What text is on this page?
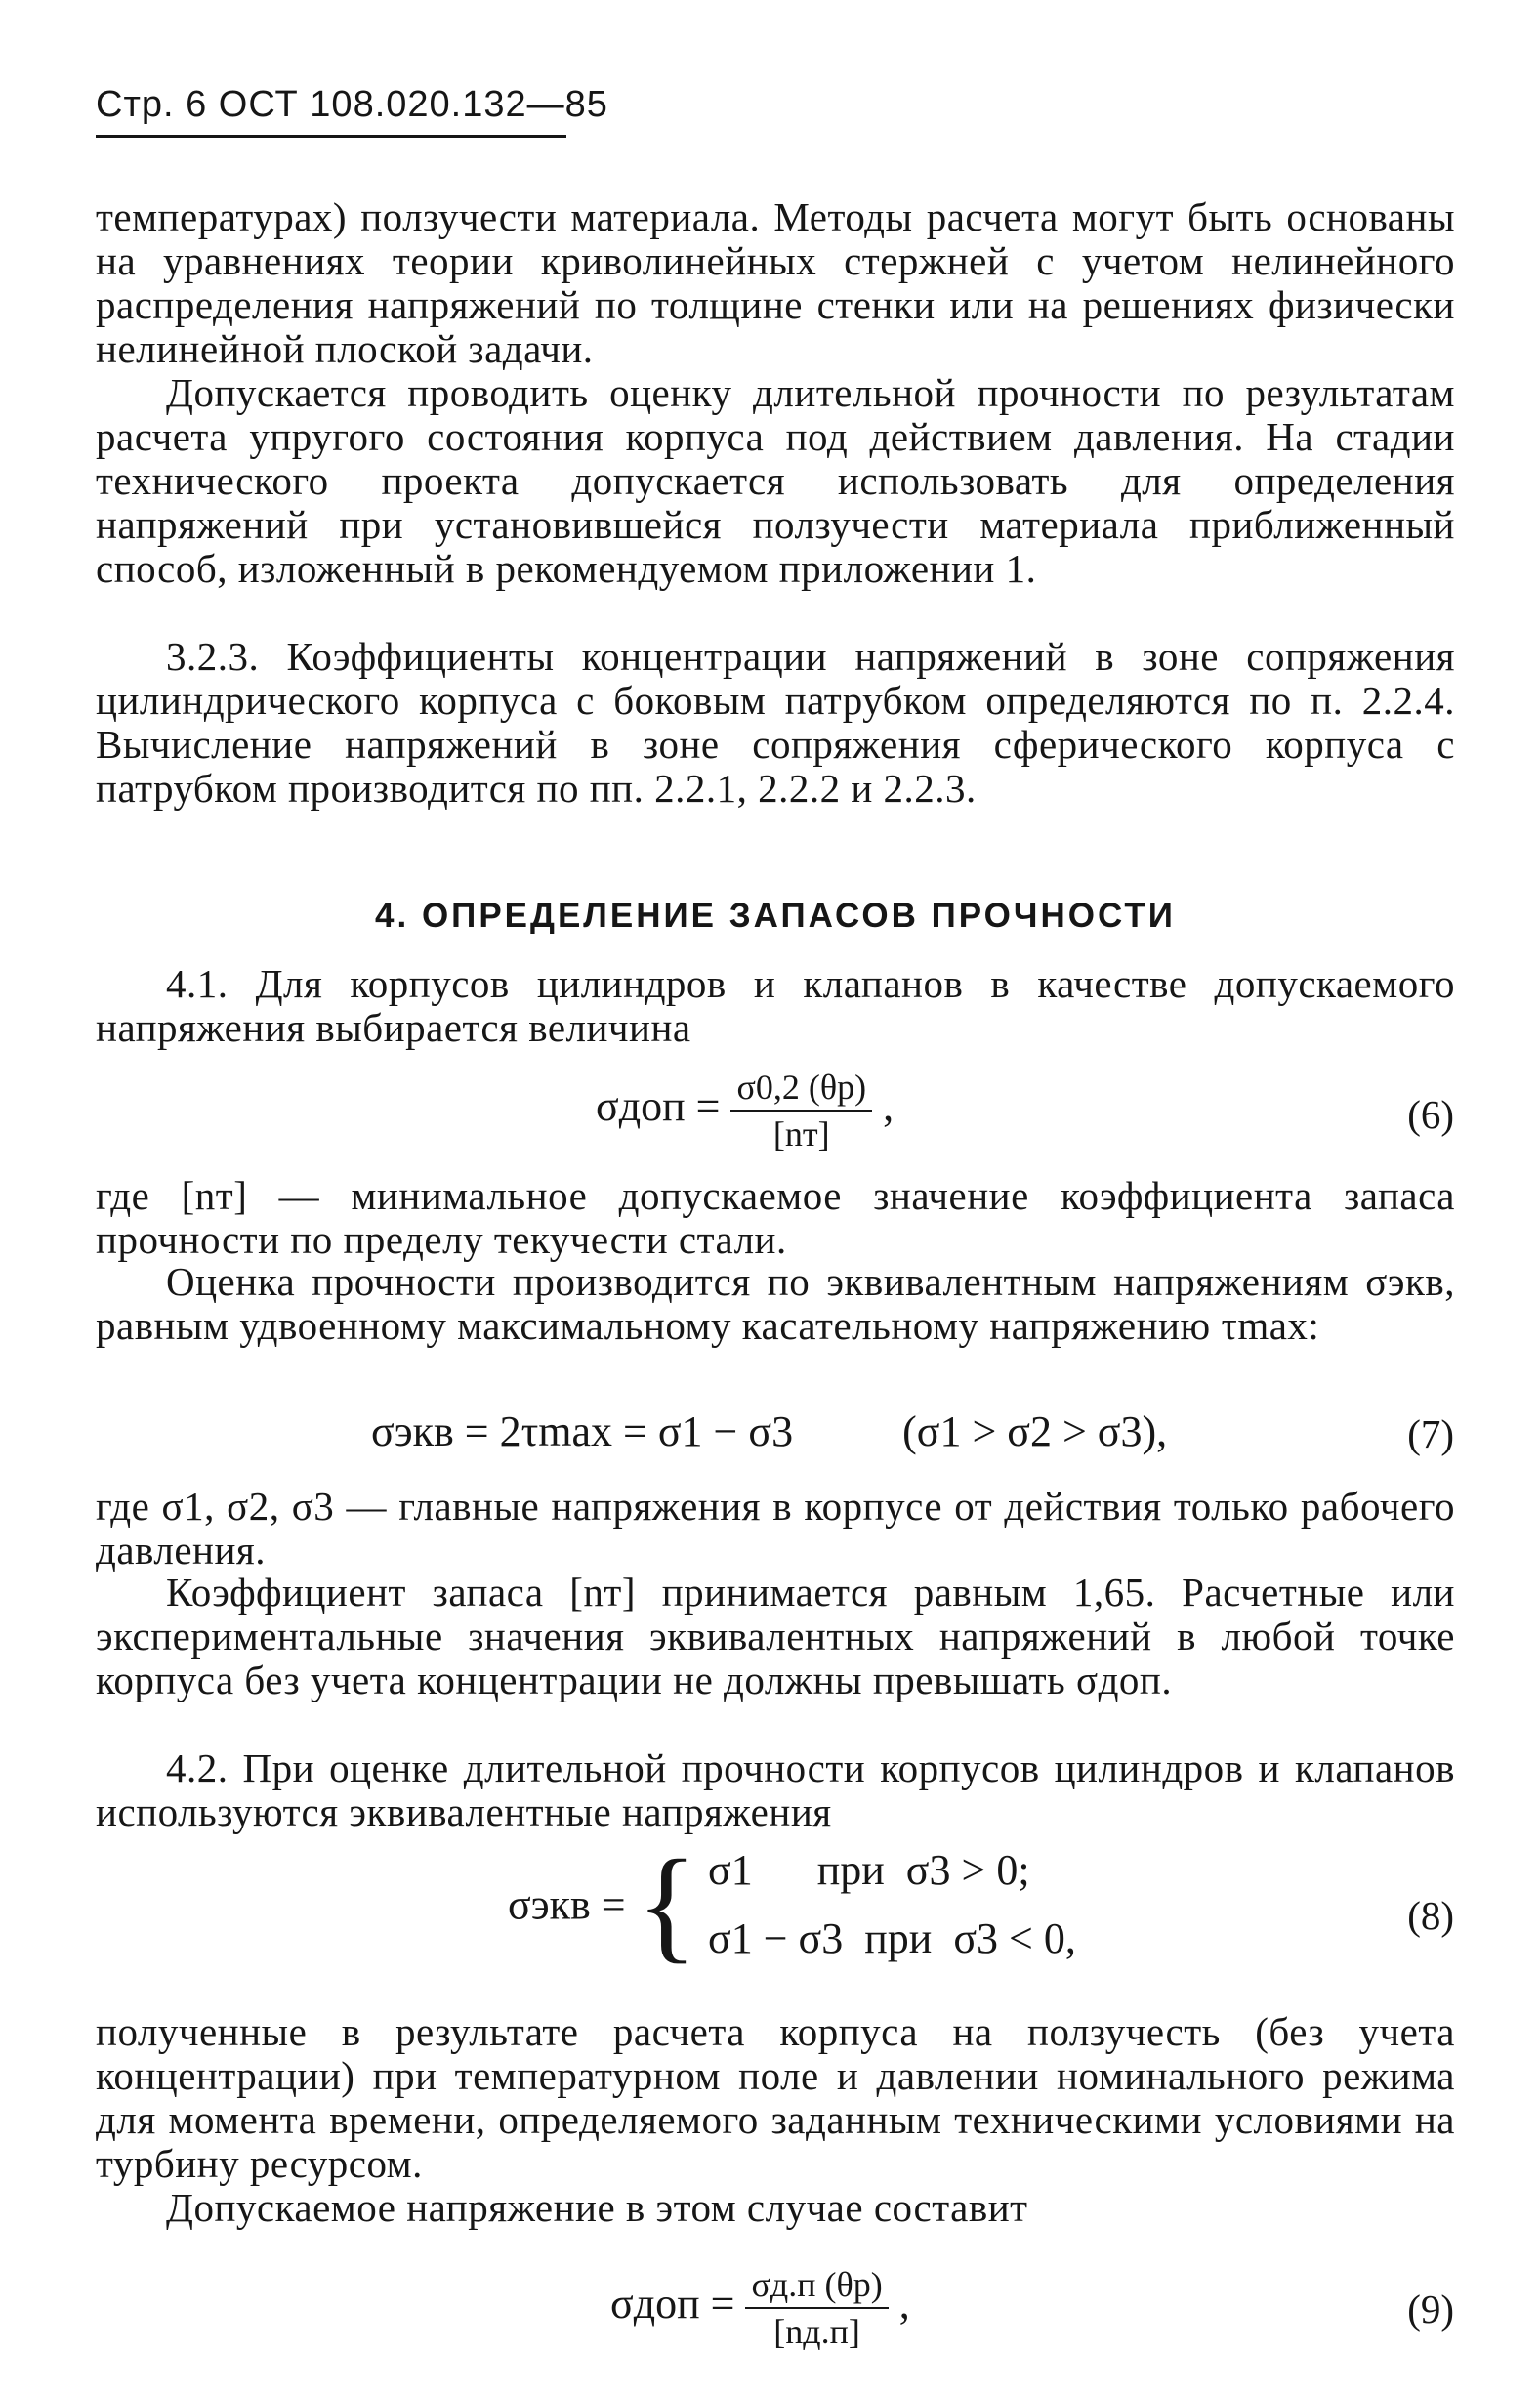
Стр. 6 ОСТ 108.020.132—85
температурах) ползучести материала. Методы расчета могут быть основаны на уравнениях теории криволинейных стержней с учетом нелинейного распределения напряжений по толщине стенки или на решениях физически нелинейной плоской задачи.
Допускается проводить оценку длительной прочности по результатам расчета упругого состояния корпуса под действием давления. На стадии технического проекта допускается использовать для определения напряжений при установившейся ползучести материала приближенный способ, изложенный в рекомендуемом приложении 1.
3.2.3. Коэффициенты концентрации напряжений в зоне сопряжения цилиндрического корпуса с боковым патрубком определяются по п. 2.2.4. Вычисление напряжений в зоне сопряжения сферического корпуса с патрубком производится по пп. 2.2.1, 2.2.2 и 2.2.3.
4. ОПРЕДЕЛЕНИЕ ЗАПАСОВ ПРОЧНОСТИ
4.1. Для корпусов цилиндров и клапанов в качестве допускаемого напряжения выбирается величина
$\sigma доп = \frac{\sigma 0,2 (\theta р)}{[nт]}$ ,	(6)
где [nт] — минимальное допускаемое значение коэффициента запаса прочности по пределу текучести стали.
Оценка прочности производится по эквивалентным напряжениям σэкв, равным удвоенному максимальному касательному напряжению τmax:
σэкв = 2τmax = σ1 − σ3	(σ1 > σ2 > σ3),	(7)
где σ1, σ2, σ3 — главные напряжения в корпусе от действия только рабочего давления.
Коэффициент запаса [nт] принимается равным 1,65. Расчетные или экспериментальные значения эквивалентных напряжений в любой точке корпуса без учета концентрации не должны превышать σдоп.
4.2. При оценке длительной прочности корпусов цилиндров и клапанов используются эквивалентные напряжения
σэкв = { σ1      при  σ3 > 0;
σ1 − σ3  при  σ3 < 0,	(8)
полученные в результате расчета корпуса на ползучесть (без учета концентрации) при температурном поле и давлении номинального режима для момента времени, определяемого заданным техническими условиями на турбину ресурсом.
Допускаемое напряжение в этом случае составит
$\sigma доп = \frac{\sigma д.п (\theta р)}{[nд.п]}$ ,	(9)
